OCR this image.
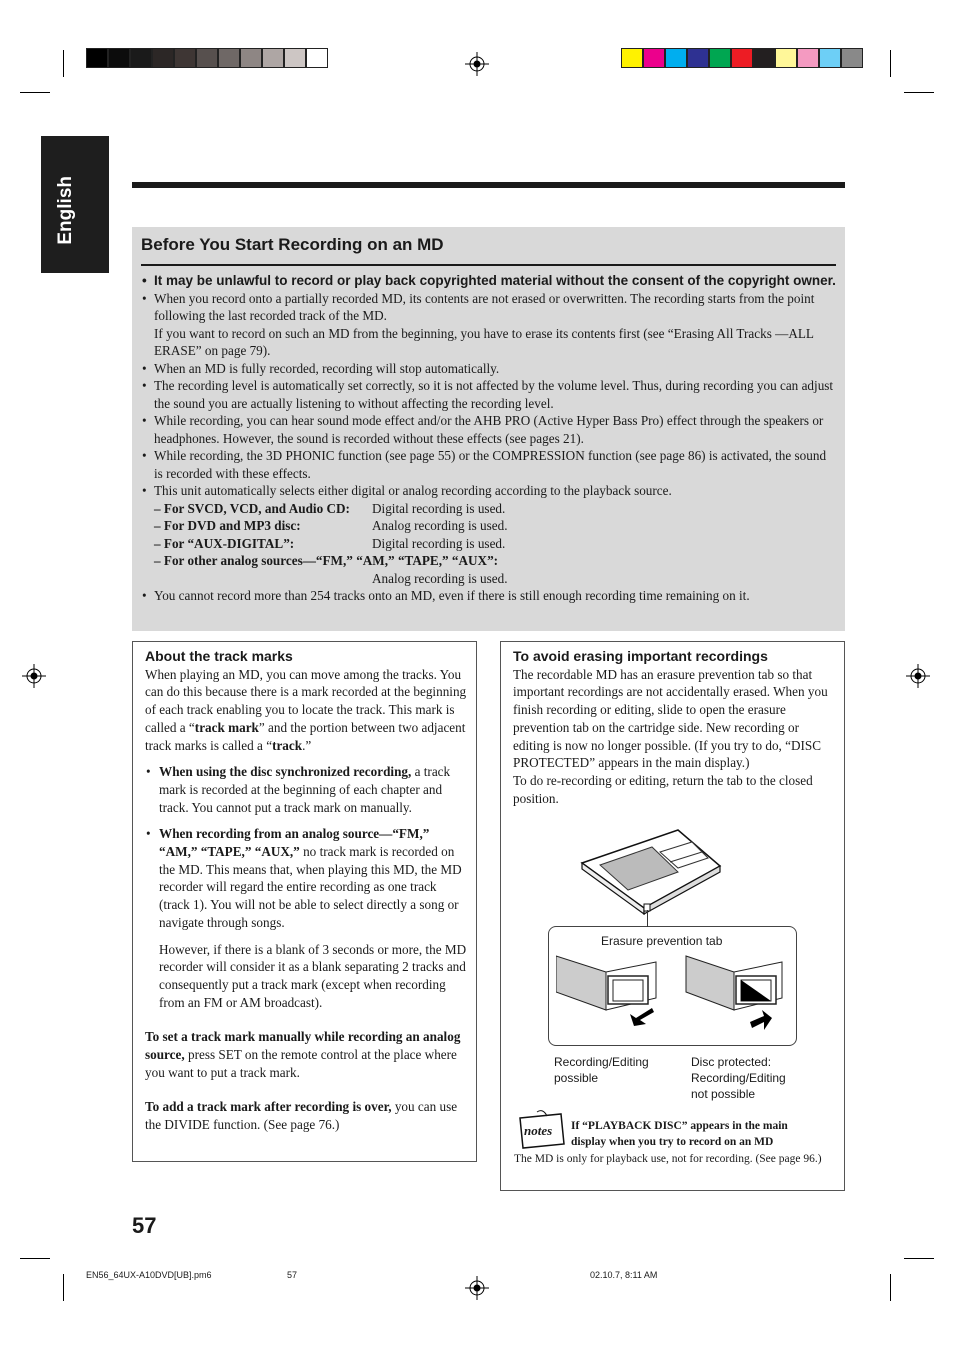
English	Before You Start Recording on an MD
• It may be unlawful to record or play back copyrighted material without the consent of the copyright owner.
• When you record onto a partially recorded MD, its contents are not erased or overwritten. The recording starts from the point following the last recorded track of the MD.
If you want to record on such an MD from the beginning, you have to erase its contents first (see “Erasing All Tracks —ALL ERASE” on page 79).
• When an MD is fully recorded, recording will stop automatically.
• The recording level is automatically set correctly, so it is not affected by the volume level. Thus, during recording you can adjust the sound you are actually listening to without affecting the recording level.
• While recording, you can hear sound mode effect and/or the AHB PRO (Active Hyper Bass Pro) effect through the speakers or headphones. However, the sound is recorded without these effects (see pages 21).
• While recording, the 3D PHONIC function (see page 55) or the COMPRESSION function (see page 86) is activated, the sound is recorded with these effects.
• This unit automatically selects either digital or analog recording according to the playback source.
– For SVCD, VCD, and Audio CD:	Digital recording is used.
– For DVD and MP3 disc:	Analog recording is used.
– For “AUX-DIGITAL”:	Digital recording is used.
– For other analog sources—“FM,” “AM,” “TAPE,” “AUX”:
Analog recording is used.
• You cannot record more than 254 tracks onto an MD, even if there is still enough recording time remaining on it.
About the track marks
When playing an MD, you can move among the tracks. You can do this because there is a mark recorded at the beginning of each track enabling you to locate the track. This mark is called a “track mark” and the portion between two adjacent track marks is called a “track.”
• When using the disc synchronized recording, a track mark is recorded at the beginning of each chapter and track. You cannot put a track mark on manually.
• When recording from an analog source—“FM,” “AM,” “TAPE,” “AUX,” no track mark is recorded on the MD. This means that, when playing this MD, the MD recorder will regard the entire recording as one track (track 1). You will not be able to select directly a song or navigate through songs.
However, if there is a blank of 3 seconds or more, the MD recorder will consider it as a blank separating 2 tracks and consequently put a track mark (except when recording from an FM or AM broadcast).
To set a track mark manually while recording an analog source, press SET on the remote control at the place where you want to put a track mark.
To add a track mark after recording is over, you can use the DIVIDE function. (See page 76.)
To avoid erasing important recordings
The recordable MD has an erasure prevention tab so that important recordings are not accidentally erased. When you finish recording or editing, slide to open the erasure prevention tab on the cartridge side. New recording or editing is now no longer possible. (If you try to do, “DISC PROTECTED” appears in the main display.)
To do re-recording or editing, return the tab to the closed position.
Erasure prevention tab
Recording/Editing
possible
Disc protected:
Recording/Editing
not possible
notes If “PLAYBACK DISC” appears in the main display when you try to record on an MD
The MD is only for playback use, not for recording. (See page 96.)
57
EN56_64UX-A10DVD[UB].pm6	57	02.10.7, 8:11 AM
